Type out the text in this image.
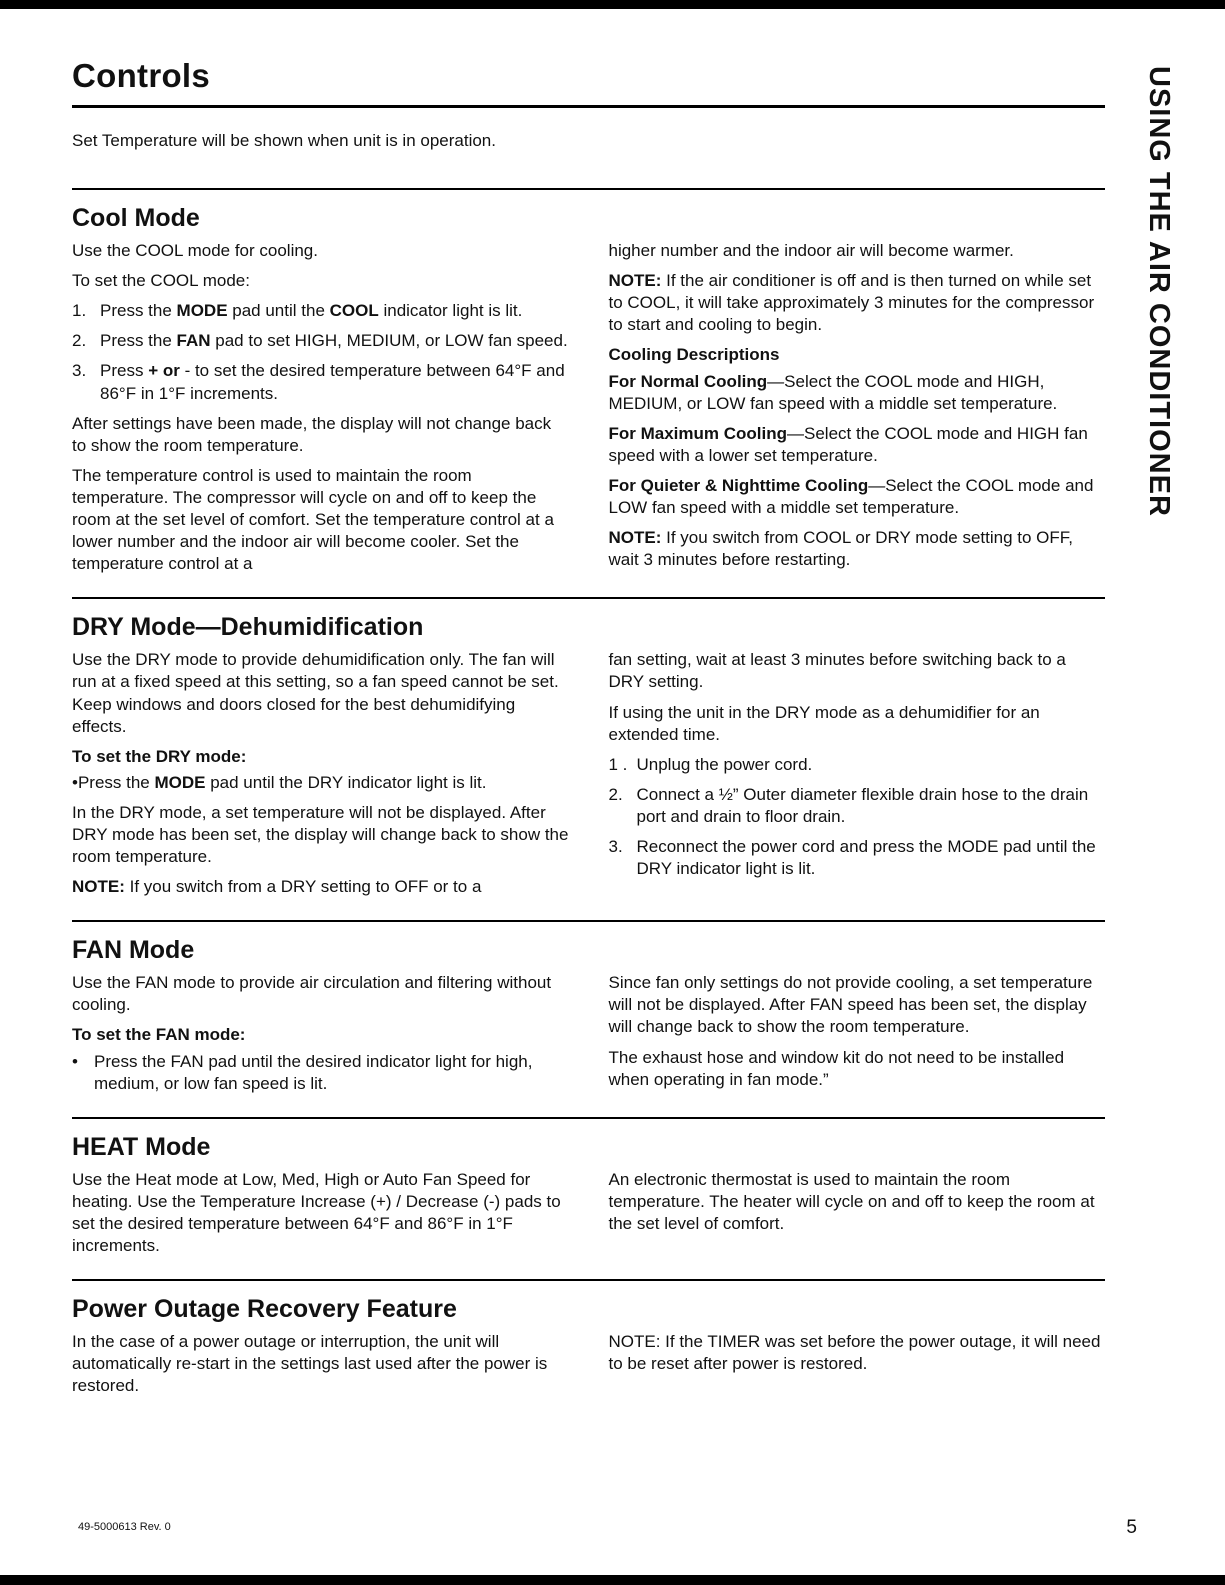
Controls

Set Temperature will be shown when unit is in operation.

Cool Mode

Use the COOL mode for cooling.

To set the COOL mode:

1. Press the MODE pad until the COOL indicator light is lit.
2. Press the FAN pad to set HIGH, MEDIUM, or LOW fan speed.
3. Press + or - to set the desired temperature between 64°F and 86°F in 1°F increments.

After settings have been made, the display will not change back to show the room temperature.

The temperature control is used to maintain the room temperature. The compressor will cycle on and off to keep the room at the set level of comfort. Set the temperature control at a lower number and the indoor air will become cooler. Set the temperature control at a

higher number and the indoor air will become warmer.

NOTE: If the air conditioner is off and is then turned on while set to COOL, it will take approximately 3 minutes for the compressor to start and cooling to begin.

Cooling Descriptions

For Normal Cooling—Select the COOL mode and HIGH, MEDIUM, or LOW fan speed with a middle set temperature.

For Maximum Cooling—Select the COOL mode and HIGH fan speed with a lower set temperature.

For Quieter & Nighttime Cooling—Select the COOL mode and LOW fan speed with a middle set temperature.

NOTE: If you switch from COOL or DRY mode setting to OFF, wait 3 minutes before restarting.

DRY Mode—Dehumidification

Use the DRY mode to provide dehumidification only. The fan will run at a fixed speed at this setting, so a fan speed cannot be set. Keep windows and doors closed for the best dehumidifying effects.

To set the DRY mode:

•Press the MODE pad until the DRY indicator light is lit.

In the DRY mode, a set temperature will not be displayed. After DRY mode has been set, the display will change back to show the room temperature.

NOTE: If you switch from a DRY setting to OFF or to a

fan setting, wait at least 3 minutes before switching back to a DRY setting.

If using the unit in the DRY mode as a dehumidifier for an extended time.

1 . Unplug the power cord.
2. Connect a ½” Outer diameter flexible drain hose to the drain port and drain to floor drain.
3. Reconnect the power cord and press the MODE pad until the DRY indicator light is lit.
FAN Mode

Use the FAN mode to provide air circulation and filtering without cooling.

To set the FAN mode:

• Press the FAN pad until the desired indicator light for high, medium, or low fan speed is lit.

Since fan only settings do not provide cooling, a set temperature will not be displayed. After FAN speed has been set, the display will change back to show the room temperature.

The exhaust hose and window kit do not need to be installed when operating in fan mode.”

HEAT Mode

Use the Heat mode at Low, Med, High or Auto Fan Speed for heating. Use the Temperature Increase (+) / Decrease (-) pads to set the desired temperature between 64°F and 86°F in 1°F increments.

An electronic thermostat is used to maintain the room temperature. The heater will cycle on and off to keep the room at the set level of comfort.

Power Outage Recovery Feature

In the case of a power outage or interruption, the unit will automatically re-start in the settings last used after the power is restored.

NOTE: If the TIMER was set before the power outage, it will need to be reset after power is restored.

USING THE AIR CONDITIONER
49-5000613 Rev. 0	5
